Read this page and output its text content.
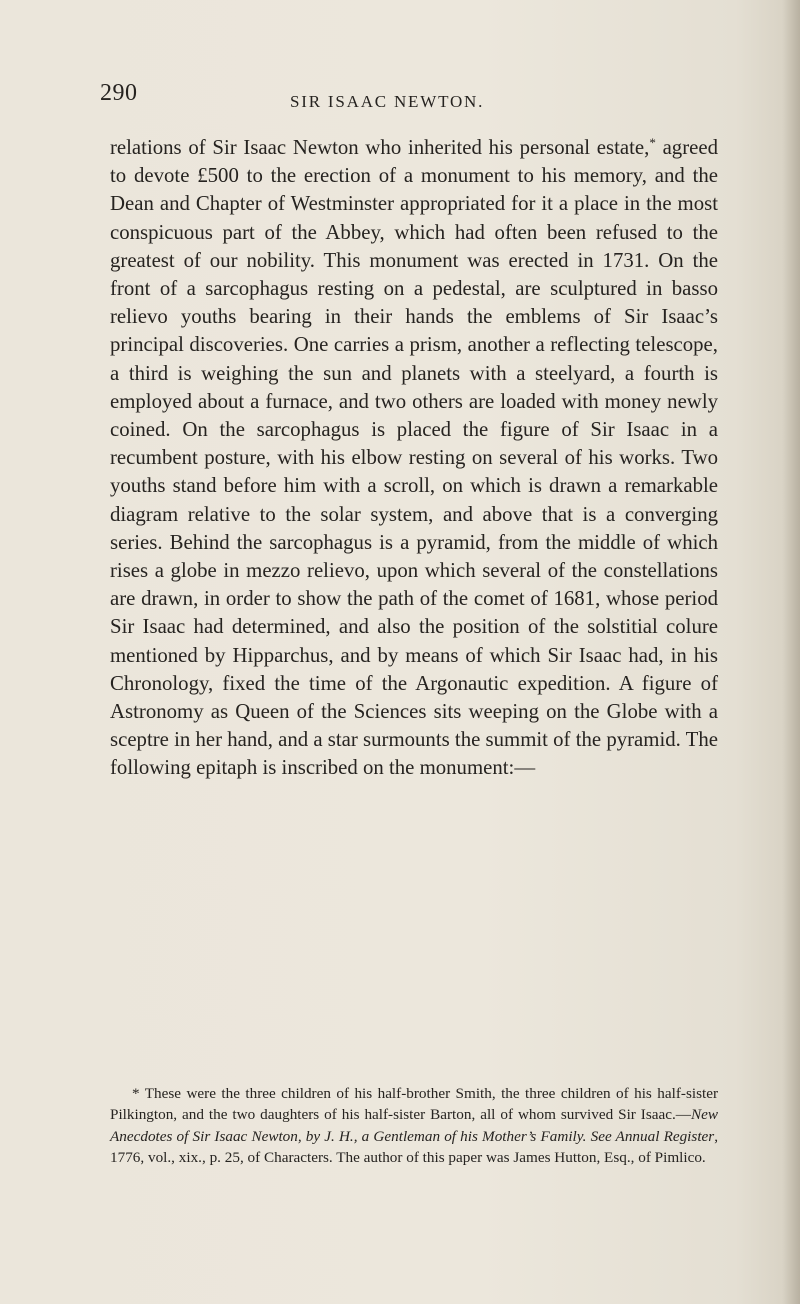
290	SIR ISAAC NEWTON.

relations of Sir Isaac Newton who inherited his personal estate,* agreed to devote £500 to the erection of a monument to his memory, and the Dean and Chapter of Westminster appropriated for it a place in the most conspicuous part of the Abbey, which had often been refused to the greatest of our nobility. This monument was erected in 1731. On the front of a sarcophagus resting on a pedestal, are sculptured in basso relievo youths bearing in their hands the emblems of Sir Isaac’s principal discoveries. One carries a prism, another a reflecting telescope, a third is weighing the sun and planets with a steelyard, a fourth is employed about a furnace, and two others are loaded with money newly coined. On the sarcophagus is placed the figure of Sir Isaac in a recumbent posture, with his elbow resting on several of his works. Two youths stand before him with a scroll, on which is drawn a remarkable diagram relative to the solar system, and above that is a converging series. Behind the sarcophagus is a pyramid, from the middle of which rises a globe in mezzo relievo, upon which several of the constellations are drawn, in order to show the path of the comet of 1681, whose period Sir Isaac had determined, and also the position of the solstitial colure mentioned by Hipparchus, and by means of which Sir Isaac had, in his Chronology, fixed the time of the Argonautic expedition. A figure of Astronomy as Queen of the Sciences sits weeping on the Globe with a sceptre in her hand, and a star surmounts the summit of the pyramid. The following epitaph is inscribed on the monument:—

* These were the three children of his half-brother Smith, the three children of his half-sister Pilkington, and the two daughters of his half-sister Barton, all of whom survived Sir Isaac.—New Anecdotes of Sir Isaac Newton, by J. H., a Gentleman of his Mother’s Family. See Annual Register, 1776, vol., xix., p. 25, of Characters. The author of this paper was James Hutton, Esq., of Pimlico.
